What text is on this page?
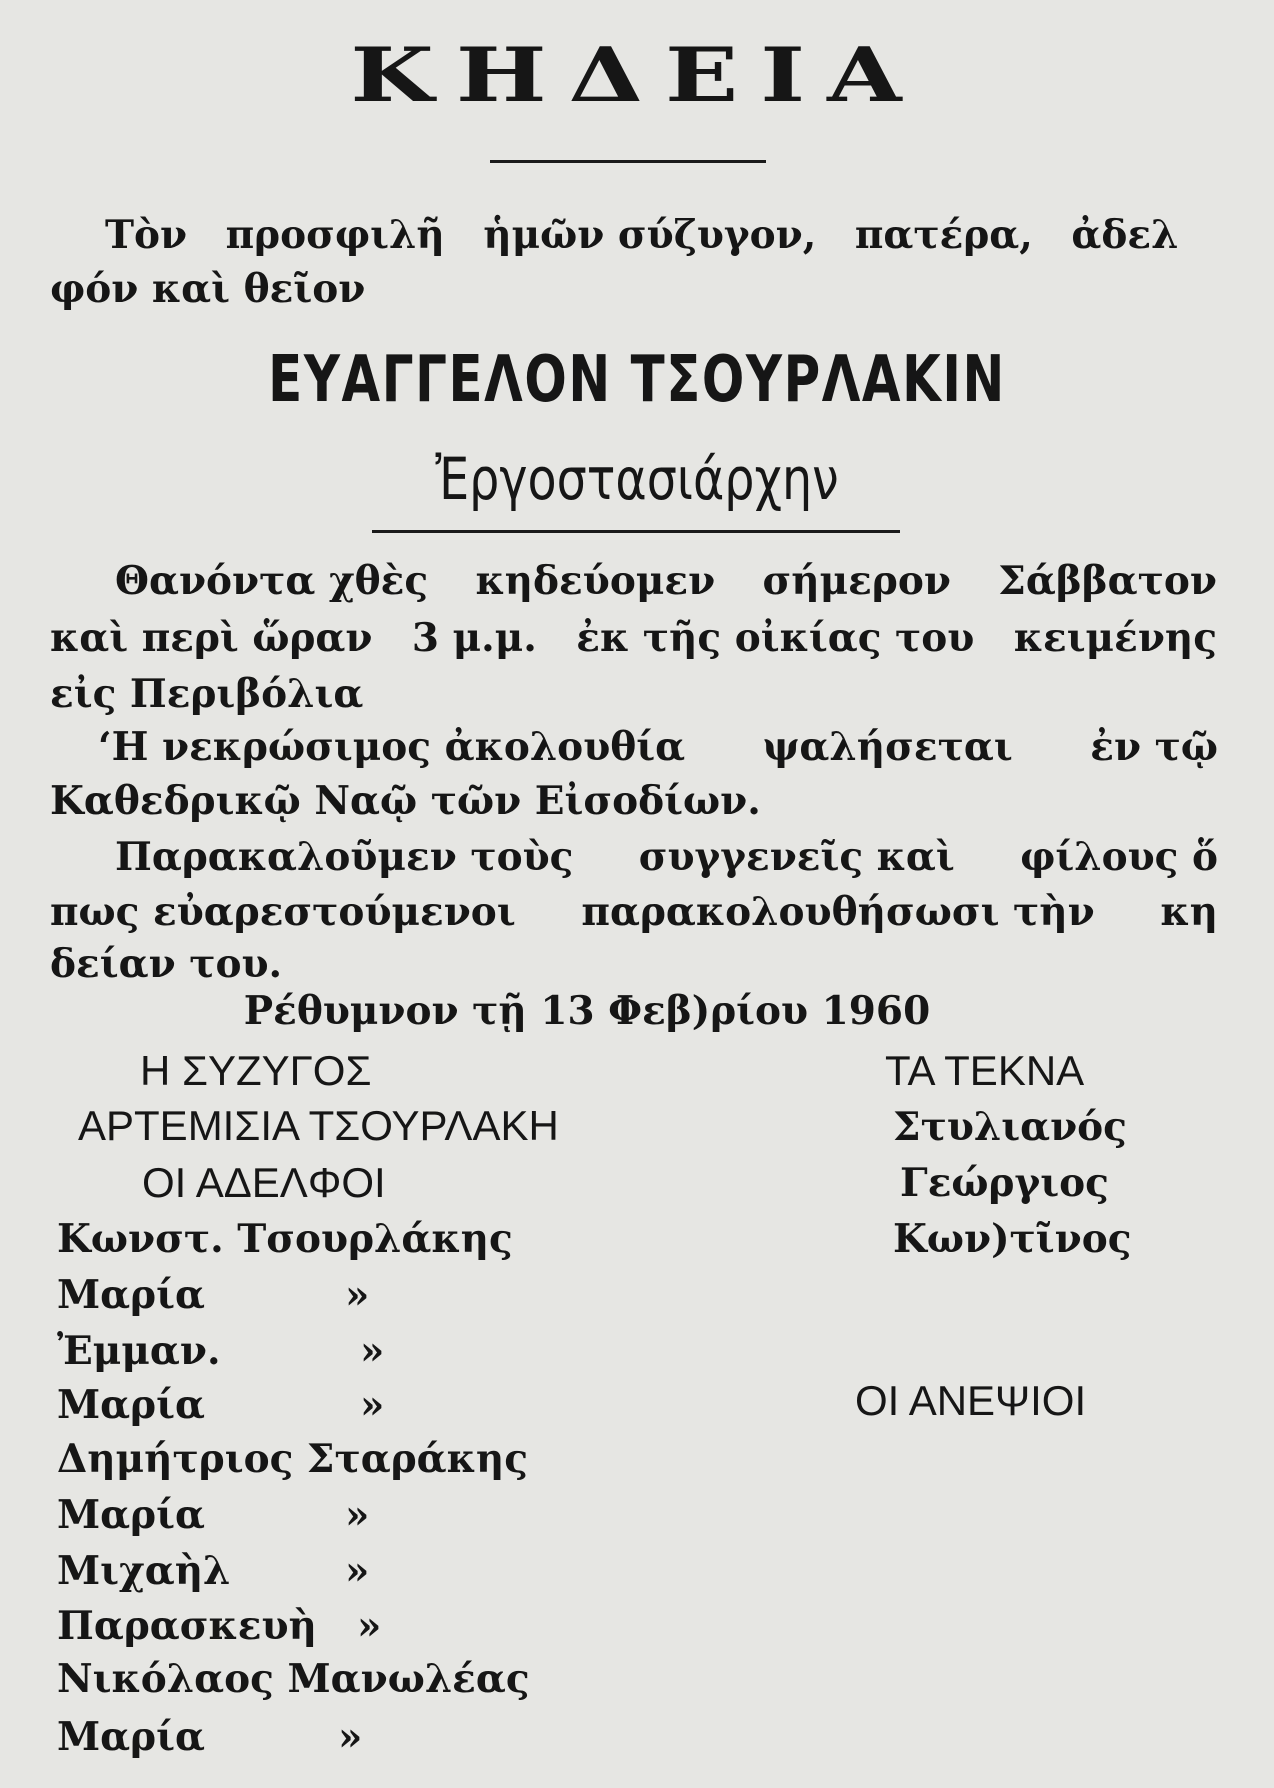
ΚΗΔΕΙΑ
Τὸν προσφιλῆ ἡμῶν σύζυγον, πατέρα, ἀδελ
φόν καὶ θεῖον
ΕΥΑΓΓΕΛΟΝ ΤΣΟΥΡΛΑΚΙΝ
Ἐργοστασιάρχην
Θανόντα χθὲς κηδεύομεν σήμερον Σάββατον
καὶ περὶ ὥραν 3 μ.μ. ἐκ τῆς οἰκίας του κειμένης
εἰς Περιβόλια
‘Η νεκρώσιμος ἀκολουθία ψαλήσεται ἐν τῷ
Καθεδρικῷ Ναῷ τῶν Εἰσοδίων.
Παρακαλοῦμεν τοὺς συγγενεῖς καὶ φίλους ὅ
πως εὐαρεστούμενοι παρακολουθήσωσι τὴν κη
δείαν του.
Ρέθυμνον τῇ 13 Φεβ)ρίου 1960
Η ΣΥΖΥΓΟΣ
ΑΡΤΕΜΙΣΙΑ ΤΣΟΥΡΛΑΚΗ
ΟΙ ΑΔΕΛΦΟΙ
Κωνστ. Τσουρλάκης
Μαρία	»
Ἐμμαν.	»
Μαρία	»
Δημήτριος Σταράκης
Μαρία	»
Μιχαὴλ	»
Παρασκευὴ »
Νικόλαος Μανωλέας
Μαρία	»
ΤΑ ΤΕΚΝΑ
Στυλιανός
Γεώργιος
Κων)τῖνος
ΟΙ ΑΝΕΨΙΟΙ
